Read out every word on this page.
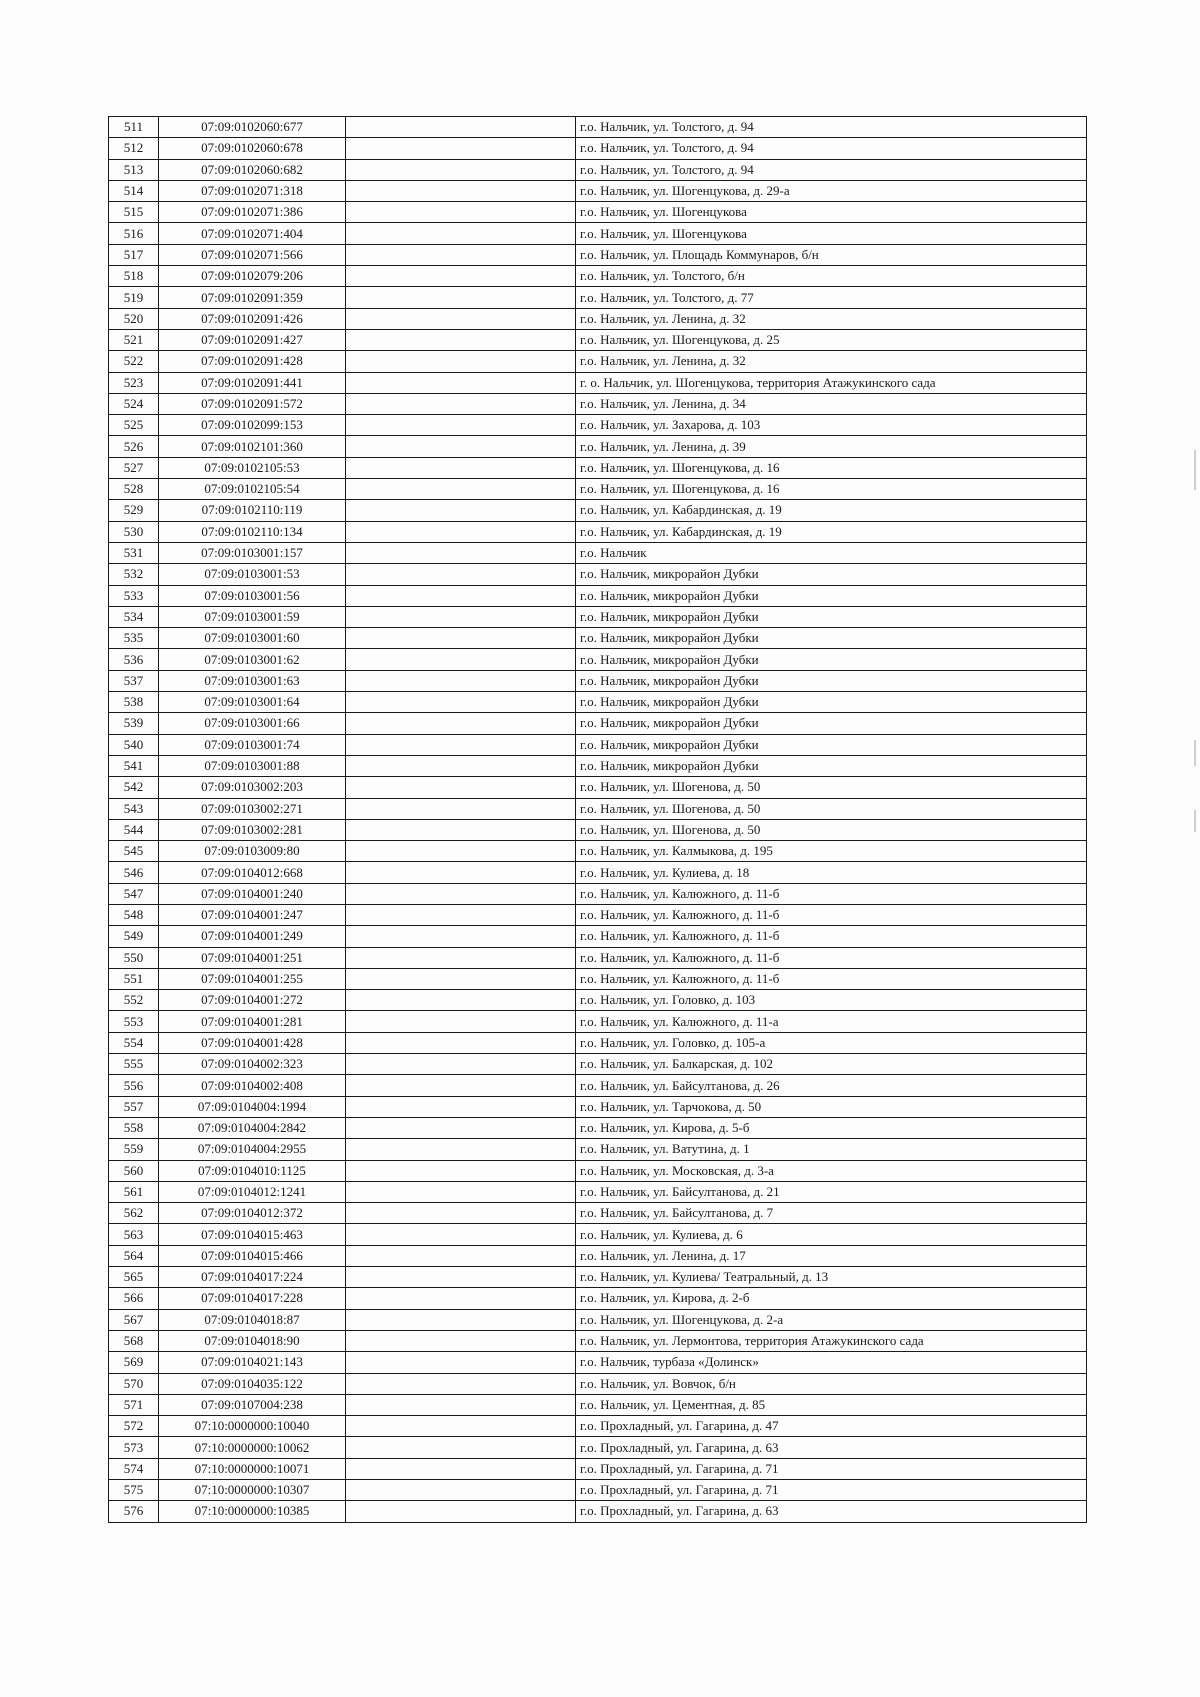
511	07:09:0102060:677		г.о. Нальчик, ул. Толстого, д. 94
512	07:09:0102060:678		г.о. Нальчик, ул. Толстого, д. 94
513	07:09:0102060:682		г.о. Нальчик, ул. Толстого, д. 94
514	07:09:0102071:318		г.о. Нальчик, ул. Шогенцукова, д. 29-а
515	07:09:0102071:386		г.о. Нальчик, ул. Шогенцукова
516	07:09:0102071:404		г.о. Нальчик, ул. Шогенцукова
517	07:09:0102071:566		г.о. Нальчик, ул. Площадь Коммунаров, б/н
518	07:09:0102079:206		г.о. Нальчик, ул. Толстого, б/н
519	07:09:0102091:359		г.о. Нальчик, ул. Толстого, д. 77
520	07:09:0102091:426		г.о. Нальчик, ул. Ленина, д. 32
521	07:09:0102091:427		г.о. Нальчик, ул. Шогенцукова, д. 25
522	07:09:0102091:428		г.о. Нальчик, ул. Ленина, д. 32
523	07:09:0102091:441		г. о. Нальчик, ул. Шогенцукова, территория Атажукинского сада
524	07:09:0102091:572		г.о. Нальчик, ул. Ленина, д. 34
525	07:09:0102099:153		г.о. Нальчик, ул. Захарова, д. 103
526	07:09:0102101:360		г.о. Нальчик, ул. Ленина, д. 39
527	07:09:0102105:53		г.о. Нальчик, ул. Шогенцукова, д. 16
528	07:09:0102105:54		г.о. Нальчик, ул. Шогенцукова, д. 16
529	07:09:0102110:119		г.о. Нальчик, ул. Кабардинская, д. 19
530	07:09:0102110:134		г.о. Нальчик, ул. Кабардинская, д. 19
531	07:09:0103001:157		г.о. Нальчик
532	07:09:0103001:53		г.о. Нальчик, микрорайон Дубки
533	07:09:0103001:56		г.о. Нальчик, микрорайон Дубки
534	07:09:0103001:59		г.о. Нальчик, микрорайон Дубки
535	07:09:0103001:60		г.о. Нальчик, микрорайон Дубки
536	07:09:0103001:62		г.о. Нальчик, микрорайон Дубки
537	07:09:0103001:63		г.о. Нальчик, микрорайон Дубки
538	07:09:0103001:64		г.о. Нальчик, микрорайон Дубки
539	07:09:0103001:66		г.о. Нальчик, микрорайон Дубки
540	07:09:0103001:74		г.о. Нальчик, микрорайон Дубки
541	07:09:0103001:88		г.о. Нальчик, микрорайон Дубки
542	07:09:0103002:203		г.о. Нальчик, ул. Шогенова, д. 50
543	07:09:0103002:271		г.о. Нальчик, ул. Шогенова, д. 50
544	07:09:0103002:281		г.о. Нальчик, ул. Шогенова, д. 50
545	07:09:0103009:80		г.о. Нальчик, ул. Калмыкова, д. 195
546	07:09:0104012:668		г.о. Нальчик, ул. Кулиева, д. 18
547	07:09:0104001:240		г.о. Нальчик, ул. Калюжного, д. 11-б
548	07:09:0104001:247		г.о. Нальчик, ул. Калюжного, д. 11-б
549	07:09:0104001:249		г.о. Нальчик, ул. Калюжного, д. 11-б
550	07:09:0104001:251		г.о. Нальчик, ул. Калюжного, д. 11-б
551	07:09:0104001:255		г.о. Нальчик, ул. Калюжного, д. 11-б
552	07:09:0104001:272		г.о. Нальчик, ул. Головко, д. 103
553	07:09:0104001:281		г.о. Нальчик, ул. Калюжного, д. 11-а
554	07:09:0104001:428		г.о. Нальчик, ул. Головко, д. 105-а
555	07:09:0104002:323		г.о. Нальчик, ул. Балкарская, д. 102
556	07:09:0104002:408		г.о. Нальчик, ул. Байсултанова, д. 26
557	07:09:0104004:1994		г.о. Нальчик, ул. Тарчокова, д. 50
558	07:09:0104004:2842		г.о. Нальчик, ул. Кирова, д. 5-б
559	07:09:0104004:2955		г.о. Нальчик, ул. Ватутина, д. 1
560	07:09:0104010:1125		г.о. Нальчик, ул. Московская, д. 3-а
561	07:09:0104012:1241		г.о. Нальчик, ул. Байсултанова, д. 21
562	07:09:0104012:372		г.о. Нальчик, ул. Байсултанова, д. 7
563	07:09:0104015:463		г.о. Нальчик, ул. Кулиева, д. 6
564	07:09:0104015:466		г.о. Нальчик, ул. Ленина, д. 17
565	07:09:0104017:224		г.о. Нальчик, ул. Кулиева/ Театральный, д. 13
566	07:09:0104017:228		г.о. Нальчик, ул. Кирова, д. 2-б
567	07:09:0104018:87		г.о. Нальчик, ул. Шогенцукова, д. 2-а
568	07:09:0104018:90		г.о. Нальчик, ул. Лермонтова, территория Атажукинского сада
569	07:09:0104021:143		г.о. Нальчик, турбаза «Долинск»
570	07:09:0104035:122		г.о. Нальчик, ул. Вовчок, б/н
571	07:09:0107004:238		г.о. Нальчик, ул. Цементная, д. 85
572	07:10:0000000:10040		г.о. Прохладный, ул. Гагарина, д. 47
573	07:10:0000000:10062		г.о. Прохладный, ул. Гагарина, д. 63
574	07:10:0000000:10071		г.о. Прохладный, ул. Гагарина, д. 71
575	07:10:0000000:10307		г.о. Прохладный, ул. Гагарина, д. 71
576	07:10:0000000:10385		г.о. Прохладный, ул. Гагарина, д. 63
